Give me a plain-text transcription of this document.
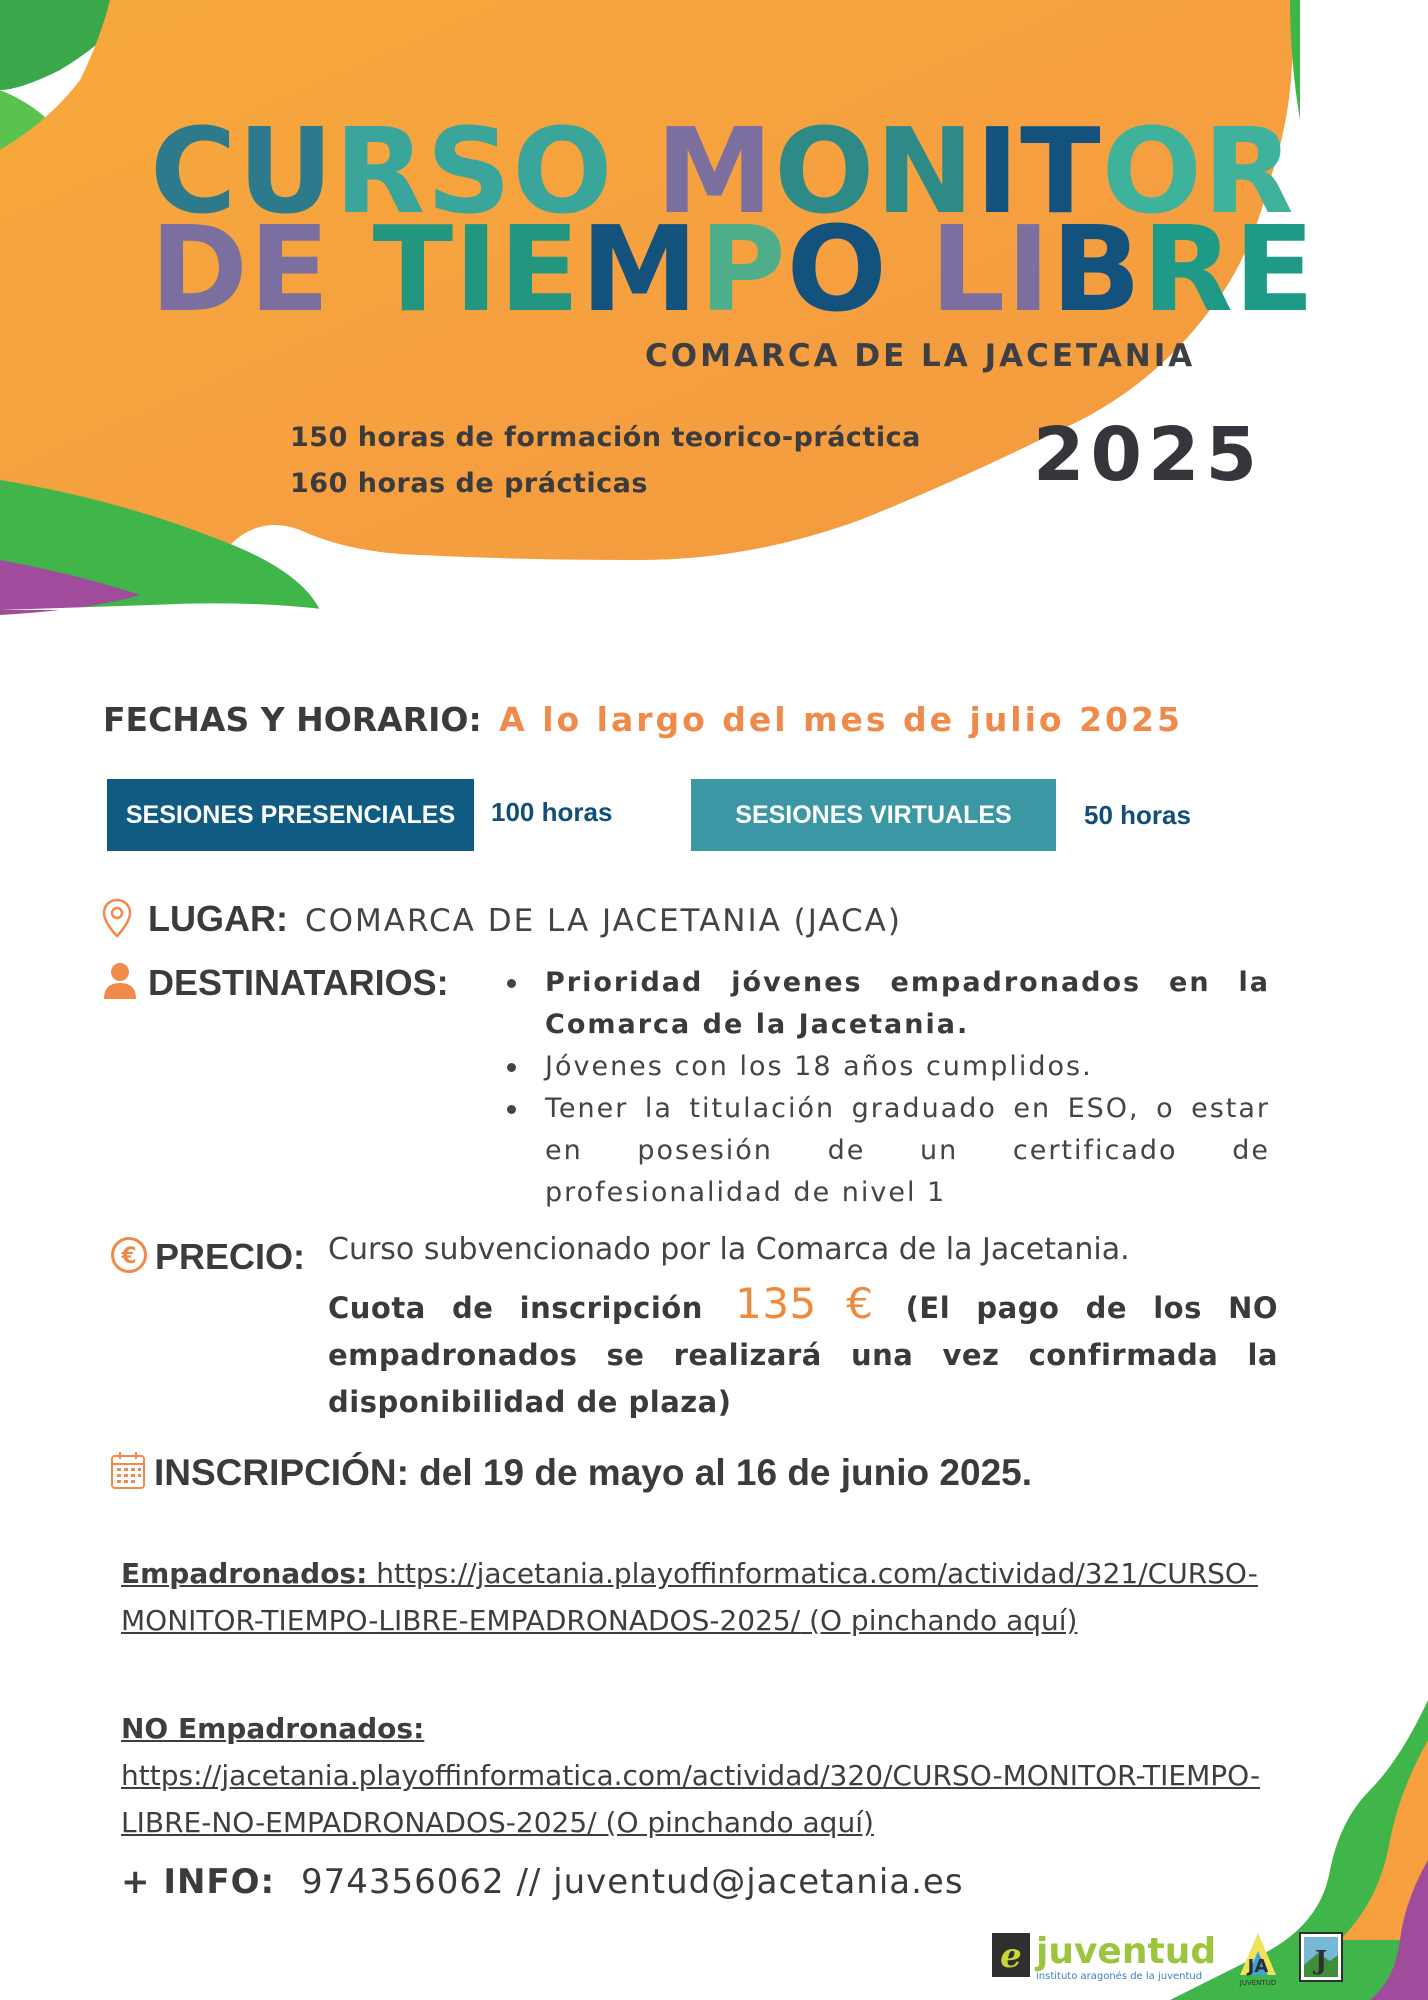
CURSO MONITOR
DE TIEMPO LIBRE
COMARCA DE LA JACETANIA
150 horas de formación teorico-práctica
160 horas de prácticas	2025
FECHAS Y HORARIO: A lo largo del mes de julio 2025
SESIONES PRESENCIALES	100 horas	SESIONES VIRTUALES	50 horas
LUGAR: COMARCA DE LA JACETANIA (JACA)
DESTINATARIOS:	Prioridad jóvenes empadronados en la Comarca de la Jacetania.
Jóvenes con los 18 años cumplidos.
Tener la titulación graduado en ESO, o estar en posesión de un certificado de profesionalidad de nivel 1
€ PRECIO: Curso subvencionado por la Comarca de la Jacetania.
Cuota de inscripción 135 € (El pago de los NO empadronados se realizará una vez confirmada la disponibilidad de plaza)
INSCRIPCIÓN: del 19 de mayo al 16 de junio 2025.
Empadronados: https://jacetania.playoffinformatica.com/actividad/321/CURSO-MONITOR-TIEMPO-LIBRE-EMPADRONADOS-2025/ (O pinchando aquí)
NO Empadronados: https://jacetania.playoffinformatica.com/actividad/320/CURSO-MONITOR-TIEMPO-LIBRE-NO-EMPADRONADOS-2025/ (O pinchando aquí)
+ INFO: 974356062 // juventud@jacetania.es
e juventud
instituto aragonés de la juventud	JA
JUVENTUD
J
